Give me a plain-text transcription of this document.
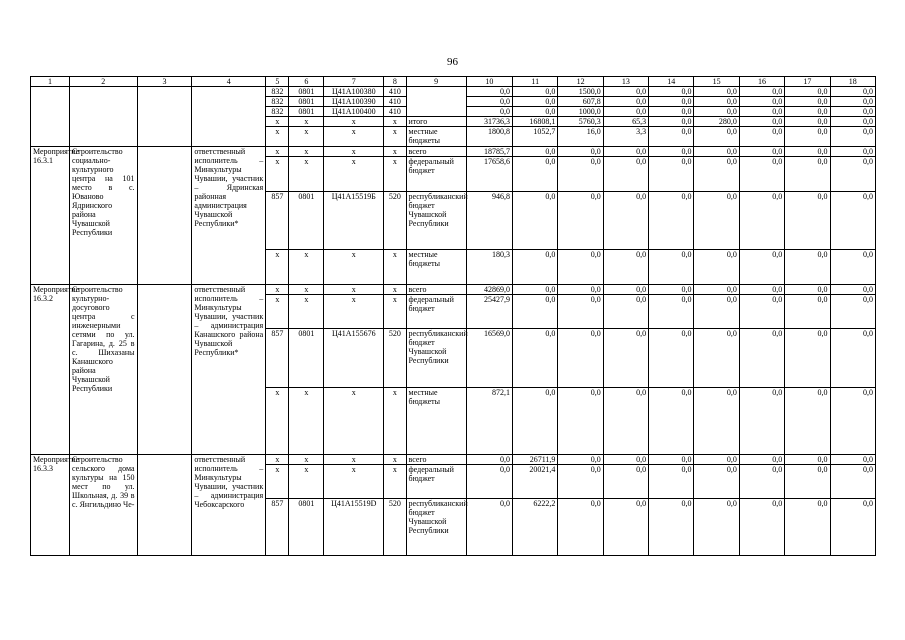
96
1	2	3	4	5	6	7	8	9	10	11	12	13	14	15	16	17	18
				832	0801	Ц41А100380	410		0,0	0,0	1500,0	0,0	0,0	0,0	0,0	0,0	0,0
				832	0801	Ц41А100390	410		0,0	0,0	607,8	0,0	0,0	0,0	0,0	0,0	0,0
				832	0801	Ц41А100400	410		0,0	0,0	1000,0	0,0	0,0	0,0	0,0	0,0	0,0
				х	х	х	х	итого	31736,3	16808,1	5760,3	65,3	0,0	280,0	0,0	0,0	0,0
				х	х	х	х	местные бюджеты	1800,8	1052,7	16,0	3,3	0,0	0,0	0,0	0,0	0,0
Мероприятие 16.3.1	Строительство социально-культурного центра на 101 место в с. Юваново Ядринского района Чувашской Республики		ответственный исполнитель – Минкультуры Чувашии, участник – Ядринская районная администрация Чувашской Республики*	х	х	х	х	всего	18785,7	0,0	0,0	0,0	0,0	0,0	0,0	0,0	0,0
				х	х	х	х	федеральный бюджет	17658,6	0,0	0,0	0,0	0,0	0,0	0,0	0,0	0,0
				857	0801	Ц41А15519Б	520	республиканский бюджет Чувашской Республики	946,8	0,0	0,0	0,0	0,0	0,0	0,0	0,0	0,0
				х	х	х	х	местные бюджеты	180,3	0,0	0,0	0,0	0,0	0,0	0,0	0,0	0,0
Мероприятие 16.3.2	Строительство культурно-досугового центра с инженерными сетями по ул. Гагарина, д. 25 в с. Шихазаны Канашского района Чувашской Республики		ответственный исполнитель – Минкультуры Чувашии, участник – администрация Канашского района Чувашской Республики*	х	х	х	х	всего	42869,0	0,0	0,0	0,0	0,0	0,0	0,0	0,0	0,0
				х	х	х	х	федеральный бюджет	25427,9	0,0	0,0	0,0	0,0	0,0	0,0	0,0	0,0
				857	0801	Ц41А155676	520	республиканский бюджет Чувашской Республики	16569,0	0,0	0,0	0,0	0,0	0,0	0,0	0,0	0,0
				х	х	х	х	местные бюджеты	872,1	0,0	0,0	0,0	0,0	0,0	0,0	0,0	0,0
Мероприятие 16.3.3	Строительство сельского дома культуры на 150 мест по ул. Школьная, д. 39 в с. Янгильдино Че-		ответственный исполнитель – Минкультуры Чувашии, участник – администрация Чебоксарского	х	х	х	х	всего	0,0	26711,9	0,0	0,0	0,0	0,0	0,0	0,0	0,0
				х	х	х	х	федеральный бюджет	0,0	20021,4	0,0	0,0	0,0	0,0	0,0	0,0	0,0
				857	0801	Ц41А15519D	520	республиканский бюджет Чувашской Республики	0,0	6222,2	0,0	0,0	0,0	0,0	0,0	0,0	0,0
